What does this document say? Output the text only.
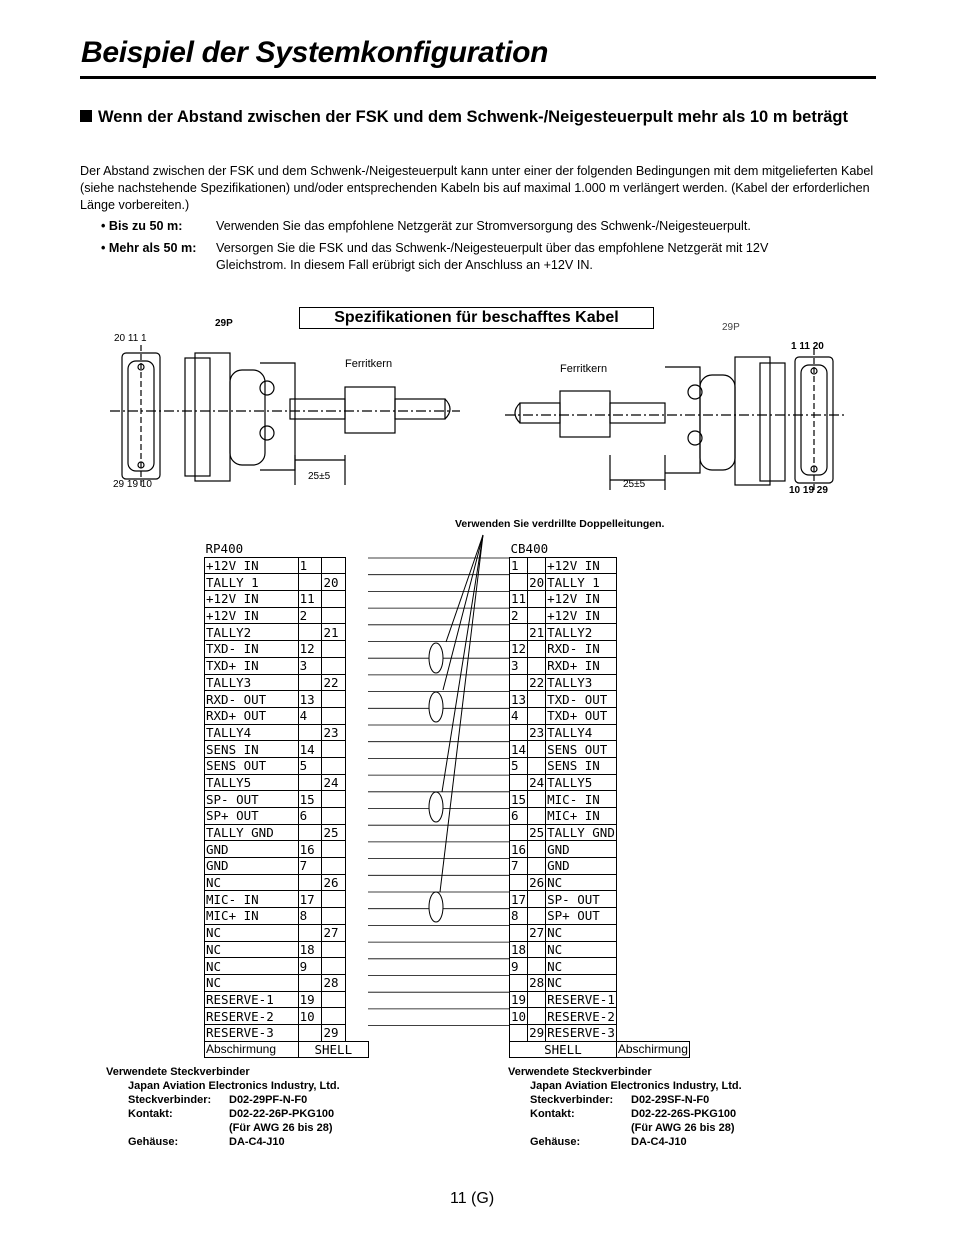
Beispiel der Systemkonfiguration
Wenn der Abstand zwischen der FSK und dem Schwenk-/Neigesteuerpult mehr als 10 m beträgt
Der Abstand zwischen der FSK und dem Schwenk-/Neigesteuerpult kann unter einer der folgenden Bedingungen mit dem mitgelieferten Kabel (siehe nachstehende Spezifikationen) und/oder entsprechenden Kabeln bis auf maximal 1.000 m verlängert werden. (Kabel der erforderlichen Länge vorbereiten.)
• Bis zu 50 m:	Verwenden Sie das empfohlene Netzgerät zur Stromversorgung des Schwenk-/Neigesteuerpult.
• Mehr als 50 m: Versorgen Sie die FSK und das Schwenk-/Neigesteuerpult über das empfohlene Netzgerät mit 12V Gleichstrom. In diesem Fall erübrigt sich der Anschluss an +12V IN.
Spezifikationen für beschafftes Kabel
20 11 1
29 19 10
29P	29P
1 11 20
10 19 29
Ferritkern	Ferritkern
25±5
25±5
Verwenden Sie verdrillte Doppelleitungen.
RP400			
+12V IN	1		
TALLY 1		20	
+12V IN	11		
+12V IN	2		
TALLY2		21	
TXD- IN	12		
TXD+ IN	3		
TALLY3		22	
RXD- OUT	13		
RXD+ OUT	4		
TALLY4		23	
SENS IN	14		
SENS OUT	5		
TALLY5		24	
SP- OUT	15		
SP+ OUT	6		
TALLY GND		25	
GND	16		
GND	7		
NC		26	
MIC- IN	17		
MIC+ IN	8		
NC		27	
NC	18		
NC	9		
NC		28	
RESERVE-1	19		
RESERVE-2	10		
RESERVE-3		29	
Abschirmung	SHELL		
CB400			
1		+12V IN	
	20	TALLY 1	
11		+12V IN	
2		+12V IN	
	21	TALLY2	
12		RXD- IN	
3		RXD+ IN	
	22	TALLY3	
13		TXD- OUT	
4		TXD+ OUT	
	23	TALLY4	
14		SENS OUT	
5		SENS IN	
	24	TALLY5	
15		MIC- IN	
6		MIC+ IN	
	25	TALLY GND	
16		GND	
7		GND	
	26	NC	
17		SP- OUT	
8		SP+ OUT	
	27	NC	
18		NC	
9		NC	
	28	NC	
19		RESERVE-1	
10		RESERVE-2	
	29	RESERVE-3	
SHELL			Abschirmung
Verwendete Steckverbinder
Japan Aviation Electronics Industry, Ltd.
Steckverbinder: D02-29PF-N-F0
Kontakt:	D02-22-26P-PKG100
(Für AWG 26 bis 28)
Gehäuse:	DA-C4-J10
Verwendete Steckverbinder
Japan Aviation Electronics Industry, Ltd.
Steckverbinder: D02-29SF-N-F0
Kontakt:	D02-22-26S-PKG100
(Für AWG 26 bis 28)
Gehäuse:	DA-C4-J10
11 (G)
